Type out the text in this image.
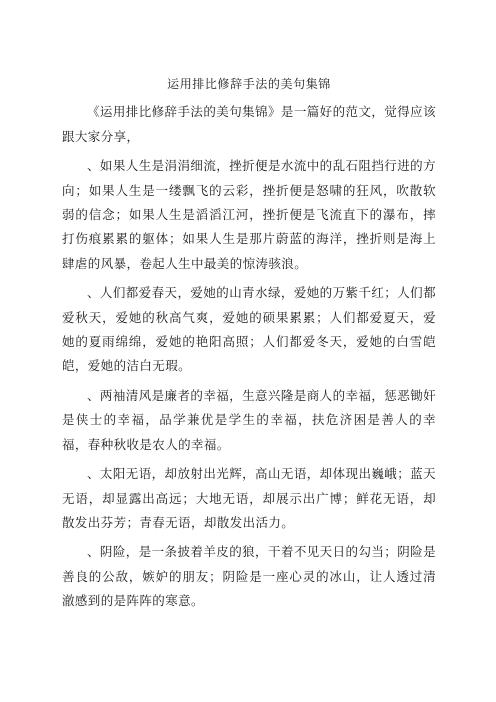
运用排比修辞手法的美句集锦

《运用排比修辞手法的美句集锦》是一篇好的范文，觉得应该跟大家分享，

、如果人生是涓涓细流，挫折便是水流中的乱石阻挡行进的方向；如果人生是一缕飘飞的云彩，挫折便是怒啸的狂风，吹散软弱的信念；如果人生是滔滔江河，挫折便是飞流直下的瀑布，摔打伤痕累累的躯体；如果人生是那片蔚蓝的海洋，挫折则是海上肆虐的风暴，卷起人生中最美的惊涛骇浪。

、人们都爱春天，爱她的山青水绿，爱她的万紫千红；人们都爱秋天，爱她的秋高气爽，爱她的硕果累累；人们都爱夏天，爱她的夏雨绵绵，爱她的艳阳高照；人们都爱冬天，爱她的白雪皑皑，爱她的洁白无瑕。

、两袖清风是廉者的幸福，生意兴隆是商人的幸福，惩恶锄奸是侠士的幸福，品学兼优是学生的幸福，扶危济困是善人的幸福，春种秋收是农人的幸福。

、太阳无语，却放射出光辉，高山无语，却体现出巍峨；蓝天无语，却显露出高远；大地无语，却展示出广博；鲜花无语，却散发出芬芳；青春无语，却散发出活力。

、阴险，是一条披着羊皮的狼，干着不见天日的勾当；阴险是善良的公敌，嫉妒的朋友；阴险是一座心灵的冰山，让人透过清澈感到的是阵阵的寒意。
